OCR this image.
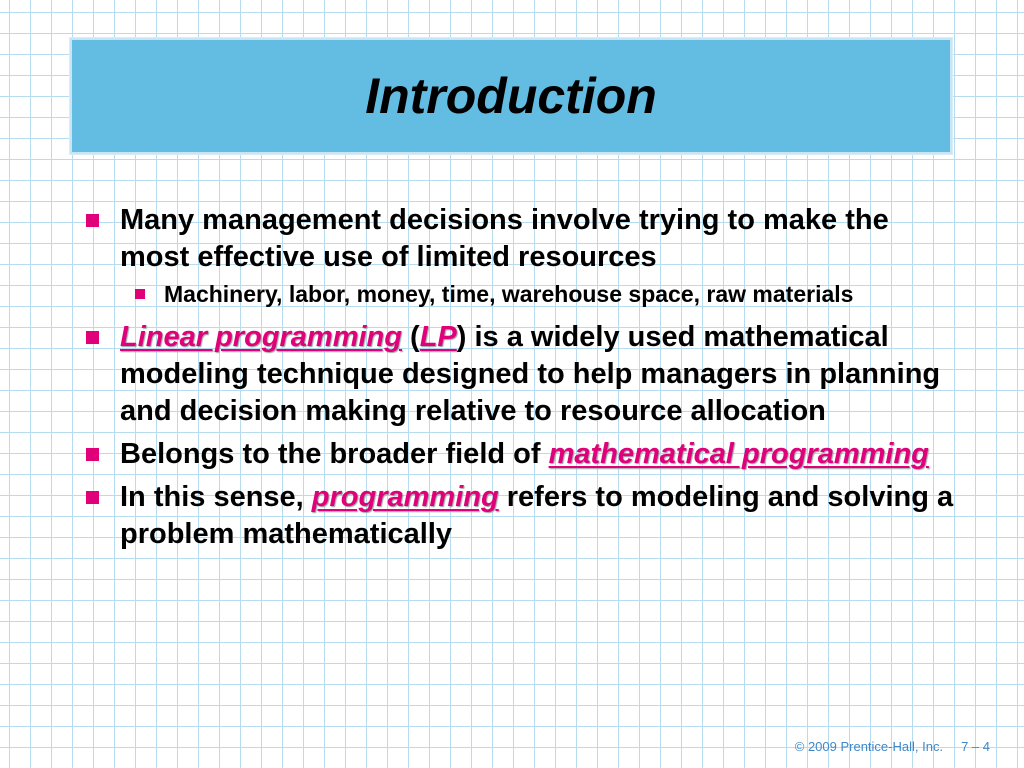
Introduction
Many management decisions involve trying to make the most effective use of limited resources
Machinery, labor, money, time, warehouse space, raw materials
Linear programming (LP) is a widely used mathematical modeling technique designed to help managers in planning and decision making relative to resource allocation
Belongs to the broader field of mathematical programming
In this sense, programming refers to modeling and solving a problem mathematically
© 2009 Prentice-Hall, Inc. 7 – 4
